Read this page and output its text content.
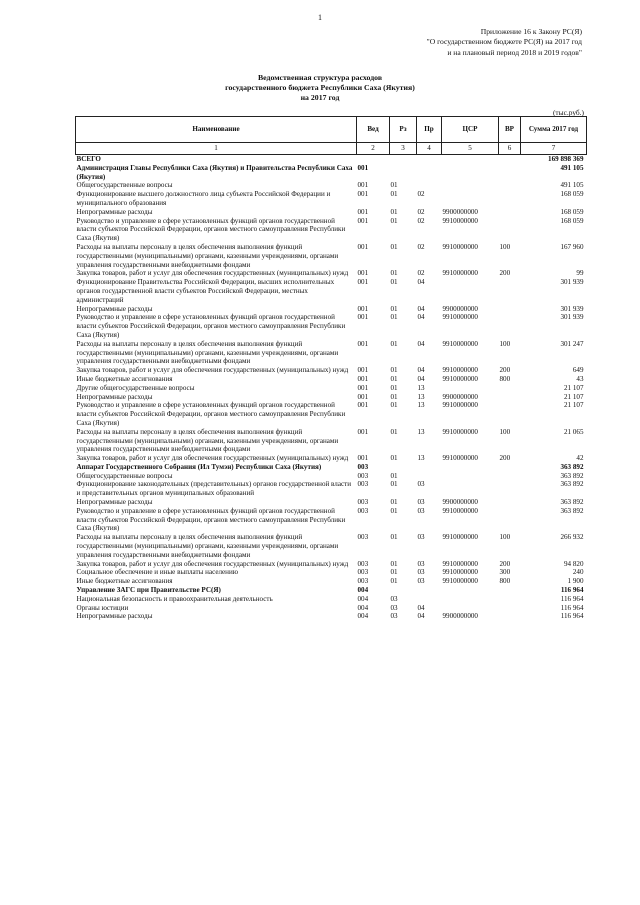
1
Приложение 16 к Закону РС(Я)
"О государственном бюджете РС(Я) на 2017 год
и на плановый период 2018 и 2019 годов"
Ведомственная структура расходов
государственного бюджета Республики Саха (Якутия)
на 2017 год
(тыс.руб.)
Наименование	Вед	Рз	Пр	ЦСР	ВР	Сумма 2017 год
1	2	3	4	5	6	7
ВСЕГО						169 898 369
Администрация Главы Республики Саха (Якутия) и Правительства Республики Саха (Якутия)	001					491 105
Общегосударственные вопросы	001	01				491 105
Функционирование высшего должностного лица субъекта Российской Федерации и муниципального образования	001	01	02			168 059
Непрограммные расходы	001	01	02	9900000000		168 059
Руководство и управление в сфере установленных функций органов государственной власти субъектов Российской Федерации, органов местного самоуправления Республики Саха (Якутия)	001	01	02	9910000000		168 059
Расходы на выплаты персоналу в целях обеспечения выполнения функций государственными (муниципальными) органами, казенными учреждениями, органами управления государственными внебюджетными фондами	001	01	02	9910000000	100	167 960
Закупка товаров, работ и услуг для обеспечения государственных (муниципальных) нужд	001	01	02	9910000000	200	99
Функционирование Правительства Российской Федерации, высших исполнительных органов государственной власти субъектов Российской Федерации, местных администраций	001	01	04			301 939
Непрограммные расходы	001	01	04	9900000000		301 939
Руководство и управление в сфере установленных функций органов государственной власти субъектов Российской Федерации, органов местного самоуправления Республики Саха (Якутия)	001	01	04	9910000000		301 939
Расходы на выплаты персоналу в целях обеспечения выполнения функций государственными (муниципальными) органами, казенными учреждениями, органами управления государственными внебюджетными фондами	001	01	04	9910000000	100	301 247
Закупка товаров, работ и услуг для обеспечения государственных (муниципальных) нужд	001	01	04	9910000000	200	649
Иные бюджетные ассигнования	001	01	04	9910000000	800	43
Другие общегосударственные вопросы	001	01	13			21 107
Непрограммные расходы	001	01	13	9900000000		21 107
Руководство и управление в сфере установленных функций органов государственной власти субъектов Российской Федерации, органов местного самоуправления Республики Саха (Якутия)	001	01	13	9910000000		21 107
Расходы на выплаты персоналу в целях обеспечения выполнения функций государственными (муниципальными) органами, казенными учреждениями, органами управления государственными внебюджетными фондами	001	01	13	9910000000	100	21 065
Закупка товаров, работ и услуг для обеспечения государственных (муниципальных) нужд	001	01	13	9910000000	200	42
Аппарат Государственного Собрания (Ил Тумэн) Республики Саха (Якутия)	003					363 892
Общегосударственные вопросы	003	01				363 892
Функционирование законодательных (представительных) органов государственной власти и представительных органов муниципальных образований	003	01	03			363 892
Непрограммные расходы	003	01	03	9900000000		363 892
Руководство и управление в сфере установленных функций органов государственной власти субъектов Российской Федерации, органов местного самоуправления Республики Саха (Якутия)	003	01	03	9910000000		363 892
Расходы на выплаты персоналу в целях обеспечения выполнения функций государственными (муниципальными) органами, казенными учреждениями, органами управления государственными внебюджетными фондами	003	01	03	9910000000	100	266 932
Закупка товаров, работ и услуг для обеспечения государственных (муниципальных) нужд	003	01	03	9910000000	200	94 820
Социальное обеспечение и иные выплаты населению	003	01	03	9910000000	300	240
Иные бюджетные ассигнования	003	01	03	9910000000	800	1 900
Управление ЗАГС при Правительстве РС(Я)	004					116 964
Национальная безопасность и правоохранительная деятельность	004	03				116 964
Органы юстиции	004	03	04			116 964
Непрограммные расходы	004	03	04	9900000000		116 964
